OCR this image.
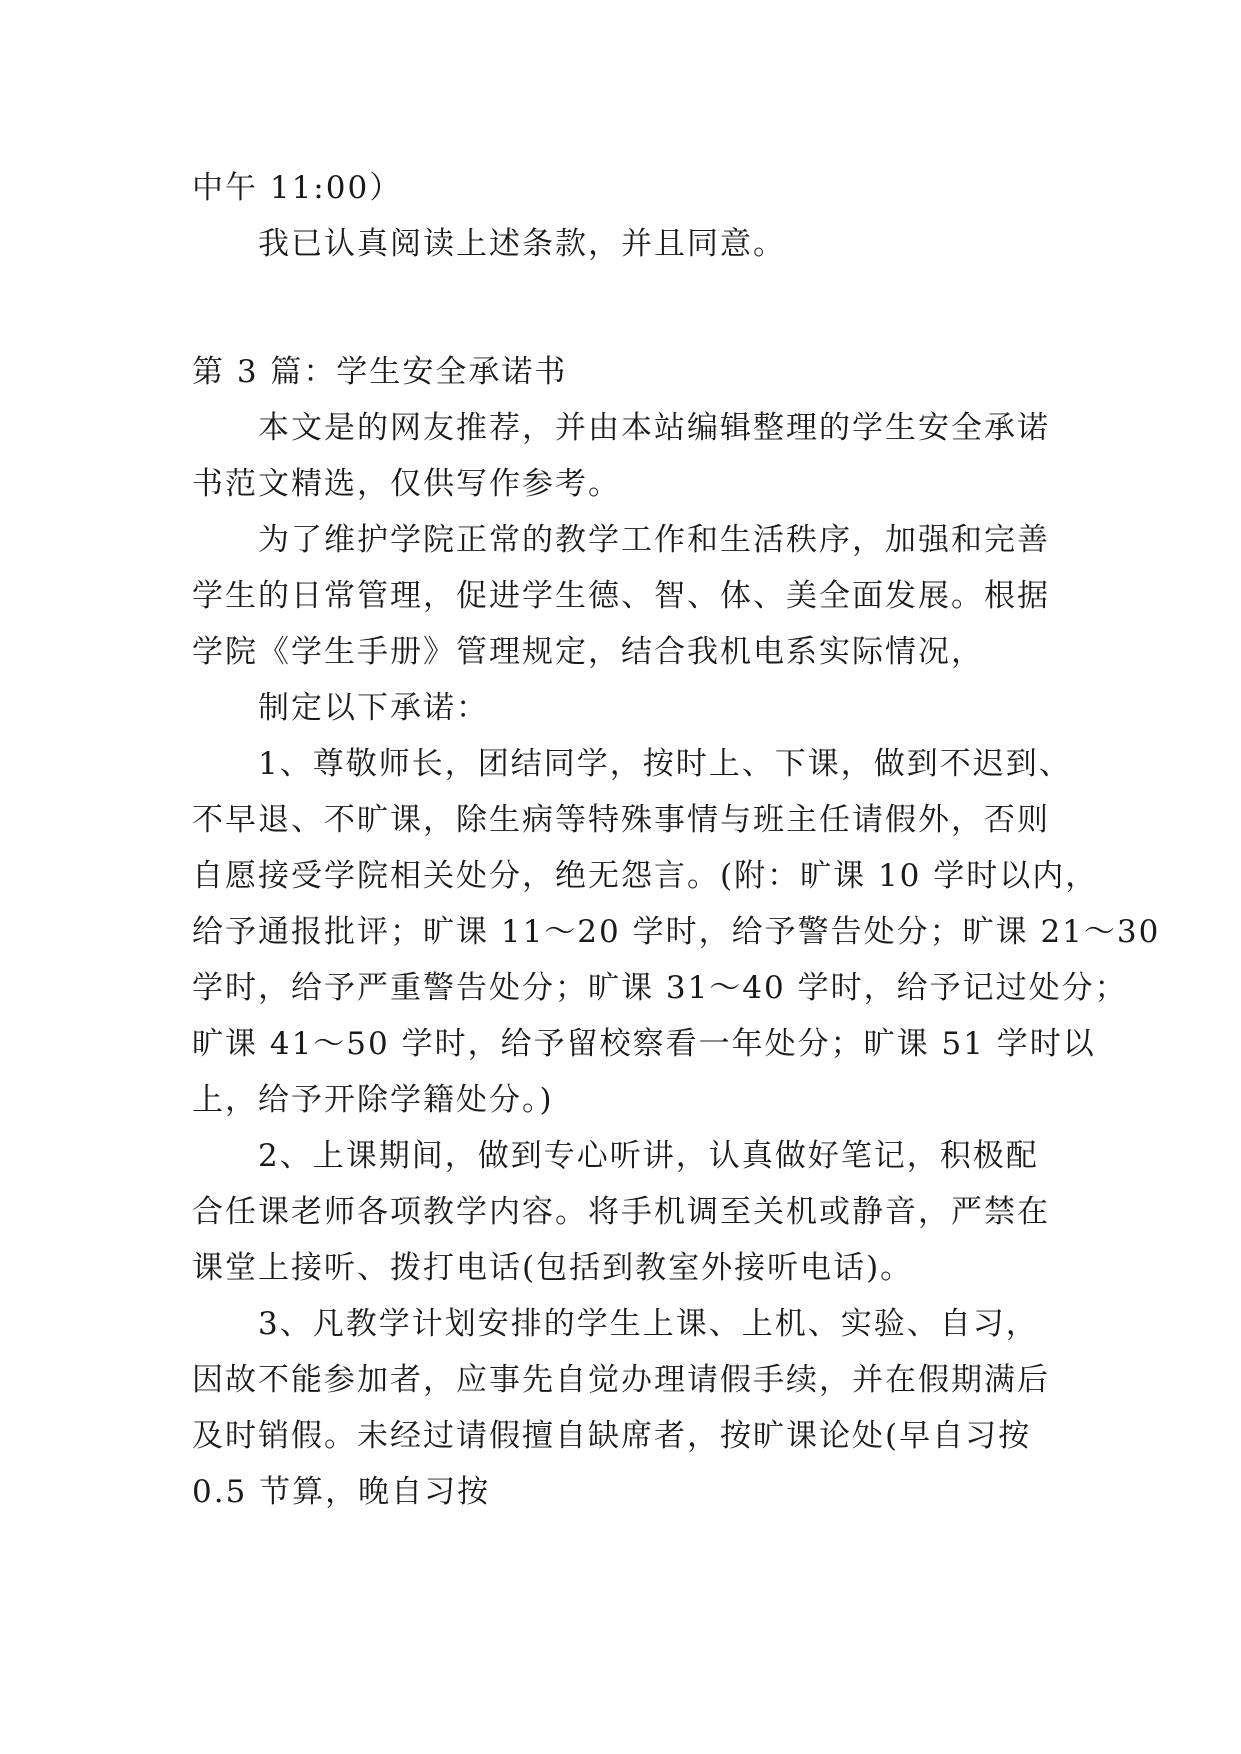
中午 11:00）
我已认真阅读上述条款，并且同意。
第 3 篇：学生安全承诺书
本文是的网友推荐，并由本站编辑整理的学生安全承诺
书范文精选，仅供写作参考。
为了维护学院正常的教学工作和生活秩序，加强和完善
学生的日常管理，促进学生德、智、体、美全面发展。根据
学院《学生手册》管理规定，结合我机电系实际情况，
制定以下承诺：
1、尊敬师长，团结同学，按时上、下课，做到不迟到、
不早退、不旷课，除生病等特殊事情与班主任请假外，否则
自愿接受学院相关处分，绝无怨言。(附：旷课 10 学时以内，
给予通报批评；旷课 11～20 学时，给予警告处分；旷课 21～30
学时，给予严重警告处分；旷课 31～40 学时，给予记过处分；
旷课 41～50 学时，给予留校察看一年处分；旷课 51 学时以
上，给予开除学籍处分。)
2、上课期间，做到专心听讲，认真做好笔记，积极配
合任课老师各项教学内容。将手机调至关机或静音，严禁在
课堂上接听、拨打电话(包括到教室外接听电话)。
3、凡教学计划安排的学生上课、上机、实验、自习，
因故不能参加者，应事先自觉办理请假手续，并在假期满后
及时销假。未经过请假擅自缺席者，按旷课论处(早自习按
0.5 节算，晚自习按
